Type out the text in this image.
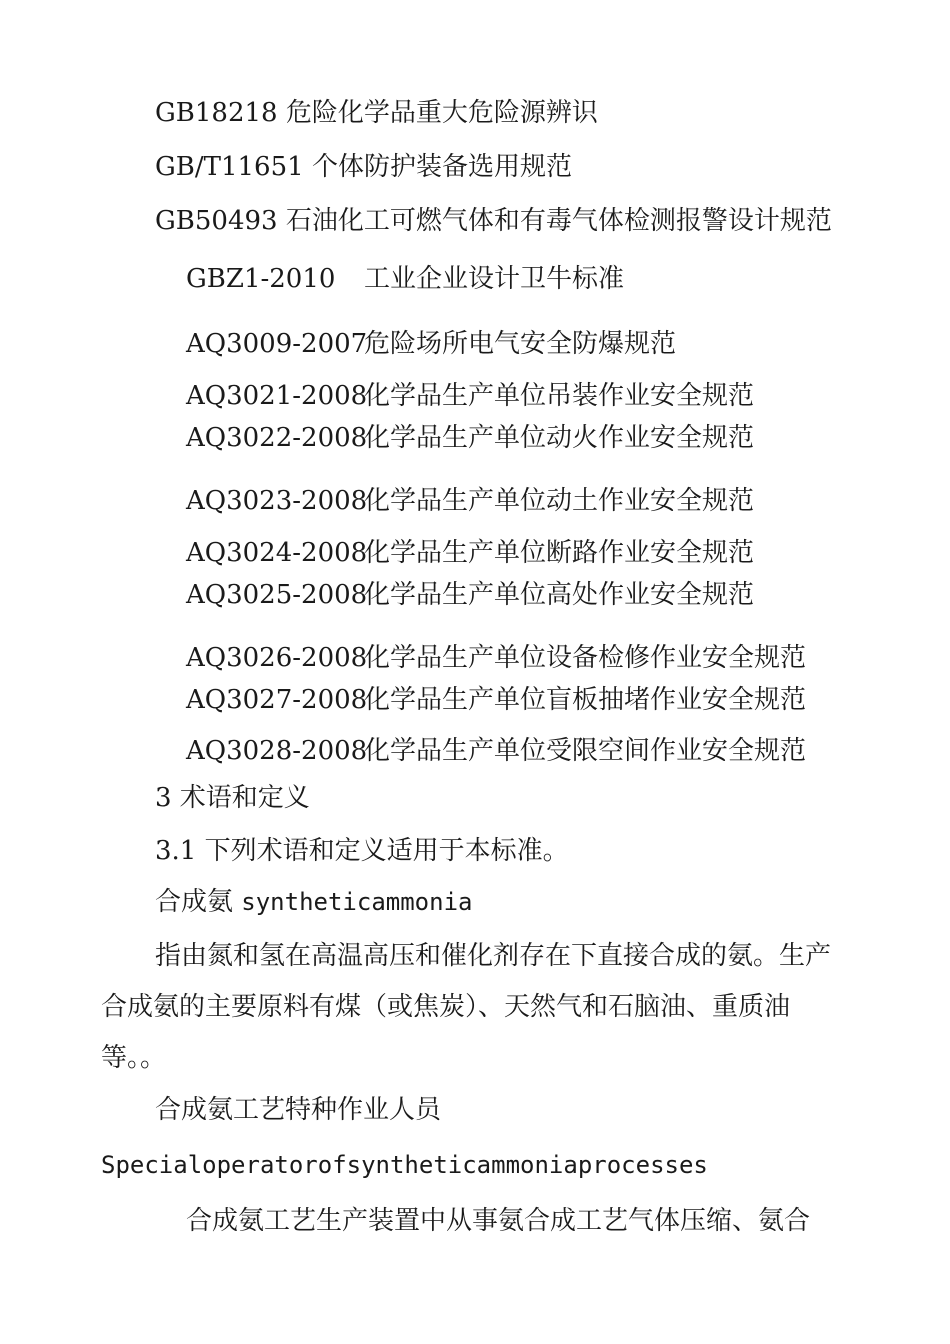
GB18218 危险化学品重大危险源辨识
GB/T11651 个体防护装备选用规范
GB50493 石油化工可燃气体和有毒气体检测报警设计规范
GBZ1-2010 工业企业设计卫牛标准
AQ3009-2007危险场所电气安全防爆规范
AQ3021-2008化学品生产单位吊装作业安全规范
AQ3022-2008化学品生产单位动火作业安全规范
AQ3023-2008化学品生产单位动土作业安全规范
AQ3024-2008化学品生产单位断路作业安全规范
AQ3025-2008化学品生产单位高处作业安全规范
AQ3026-2008化学品生产单位设备检修作业安全规范
AQ3027-2008化学品生产单位盲板抽堵作业安全规范
AQ3028-2008化学品生产单位受限空间作业安全规范
3 术语和定义
3.1 下列术语和定义适用于本标准。
合成氨 syntheticammonia
指由氮和氢在高温高压和催化剂存在下直接合成的氨。生产
合成氨的主要原料有煤（或焦炭）、天然气和石脑油、重质油
等。。
合成氨工艺特种作业人员
Specialoperatorofsyntheticammoniaprocesses
合成氨工艺生产装置中从事氨合成工艺气体压缩、氨合
